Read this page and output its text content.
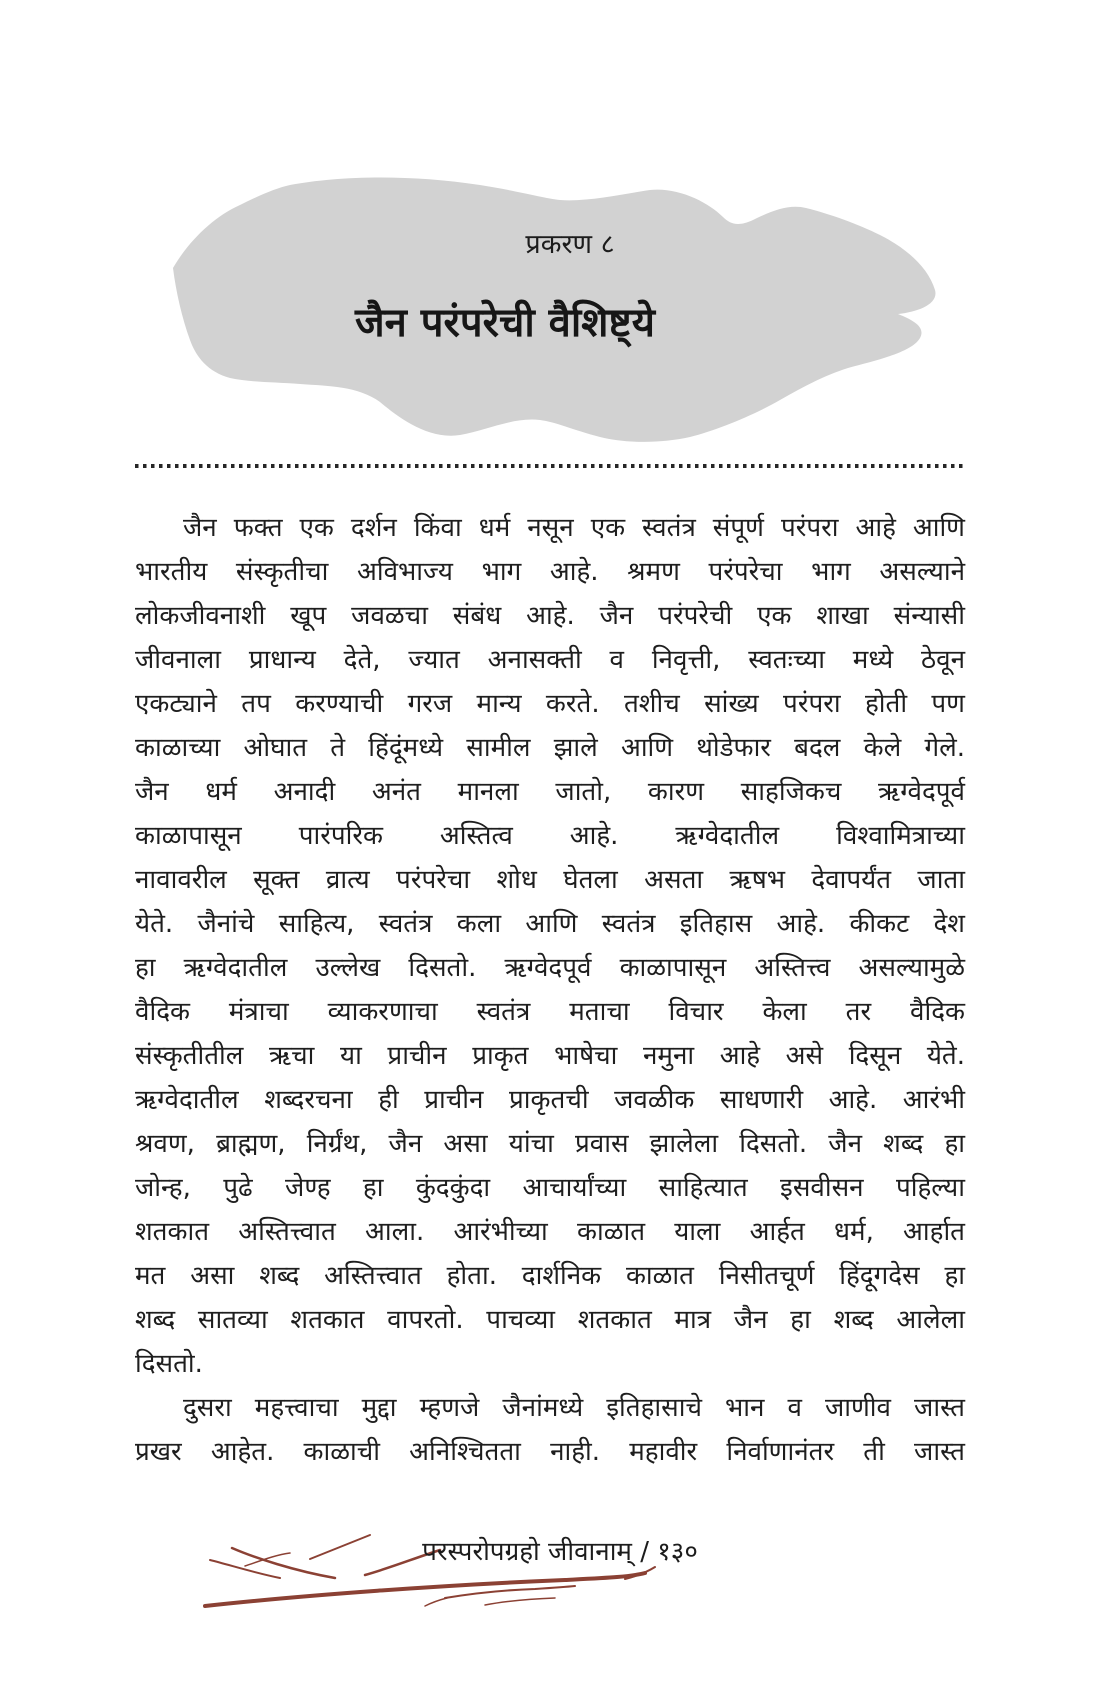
प्रकरण ८
जैन परंपरेची वैशिष्ट्ये
जैन फक्त एक दर्शन किंवा धर्म नसून एक स्वतंत्र संपूर्ण परंपरा आहे आणि
भारतीय संस्कृतीचा अविभाज्य भाग आहे. श्रमण परंपरेचा भाग असल्याने
लोकजीवनाशी खूप जवळचा संबंध आहे. जैन परंपरेची एक शाखा संन्यासी
जीवनाला प्राधान्य देते, ज्यात अनासक्ती व निवृत्ती, स्वतःच्या मध्ये ठेवून
एकट्याने तप करण्याची गरज मान्य करते. तशीच सांख्य परंपरा होती पण
काळाच्या ओघात ते हिंदूंमध्ये सामील झाले आणि थोडेफार बदल केले गेले.
जैन धर्म अनादी अनंत मानला जातो, कारण साहजिकच ऋग्वेदपूर्व
काळापासून पारंपरिक अस्तित्व आहे. ऋग्वेदातील विश्वामित्राच्या
नावावरील सूक्त व्रात्य परंपरेचा शोध घेतला असता ऋषभ देवापर्यंत जाता
येते. जैनांचे साहित्य, स्वतंत्र कला आणि स्वतंत्र इतिहास आहे. कीकट देश
हा ऋग्वेदातील उल्लेख दिसतो. ऋग्वेदपूर्व काळापासून अस्तित्त्व असल्यामुळे
वैदिक मंत्राचा व्याकरणाचा स्वतंत्र मताचा विचार केला तर वैदिक
संस्कृतीतील ऋचा या प्राचीन प्राकृत भाषेचा नमुना आहे असे दिसून येते.
ऋग्वेदातील शब्दरचना ही प्राचीन प्राकृतची जवळीक साधणारी आहे. आरंभी
श्रवण, ब्राह्मण, निर्ग्रंथ, जैन असा यांचा प्रवास झालेला दिसतो. जैन शब्द हा
जोन्ह, पुढे जेण्ह हा कुंदकुंदा आचार्यांच्या साहित्यात इसवीसन पहिल्या
शतकात अस्तित्त्वात आला. आरंभीच्या काळात याला आर्हत धर्म, आर्हात
मत असा शब्द अस्तित्त्वात होता. दार्शनिक काळात निसीतचूर्ण हिंदूगदेस हा
शब्द सातव्या शतकात वापरतो. पाचव्या शतकात मात्र जैन हा शब्द आलेला
दिसतो.
दुसरा महत्त्वाचा मुद्दा म्हणजे जैनांमध्ये इतिहासाचे भान व जाणीव जास्त
प्रखर आहेत. काळाची अनिश्चितता नाही. महावीर निर्वाणानंतर ती जास्त
परस्परोपग्रहो जीवानाम् / १३०
